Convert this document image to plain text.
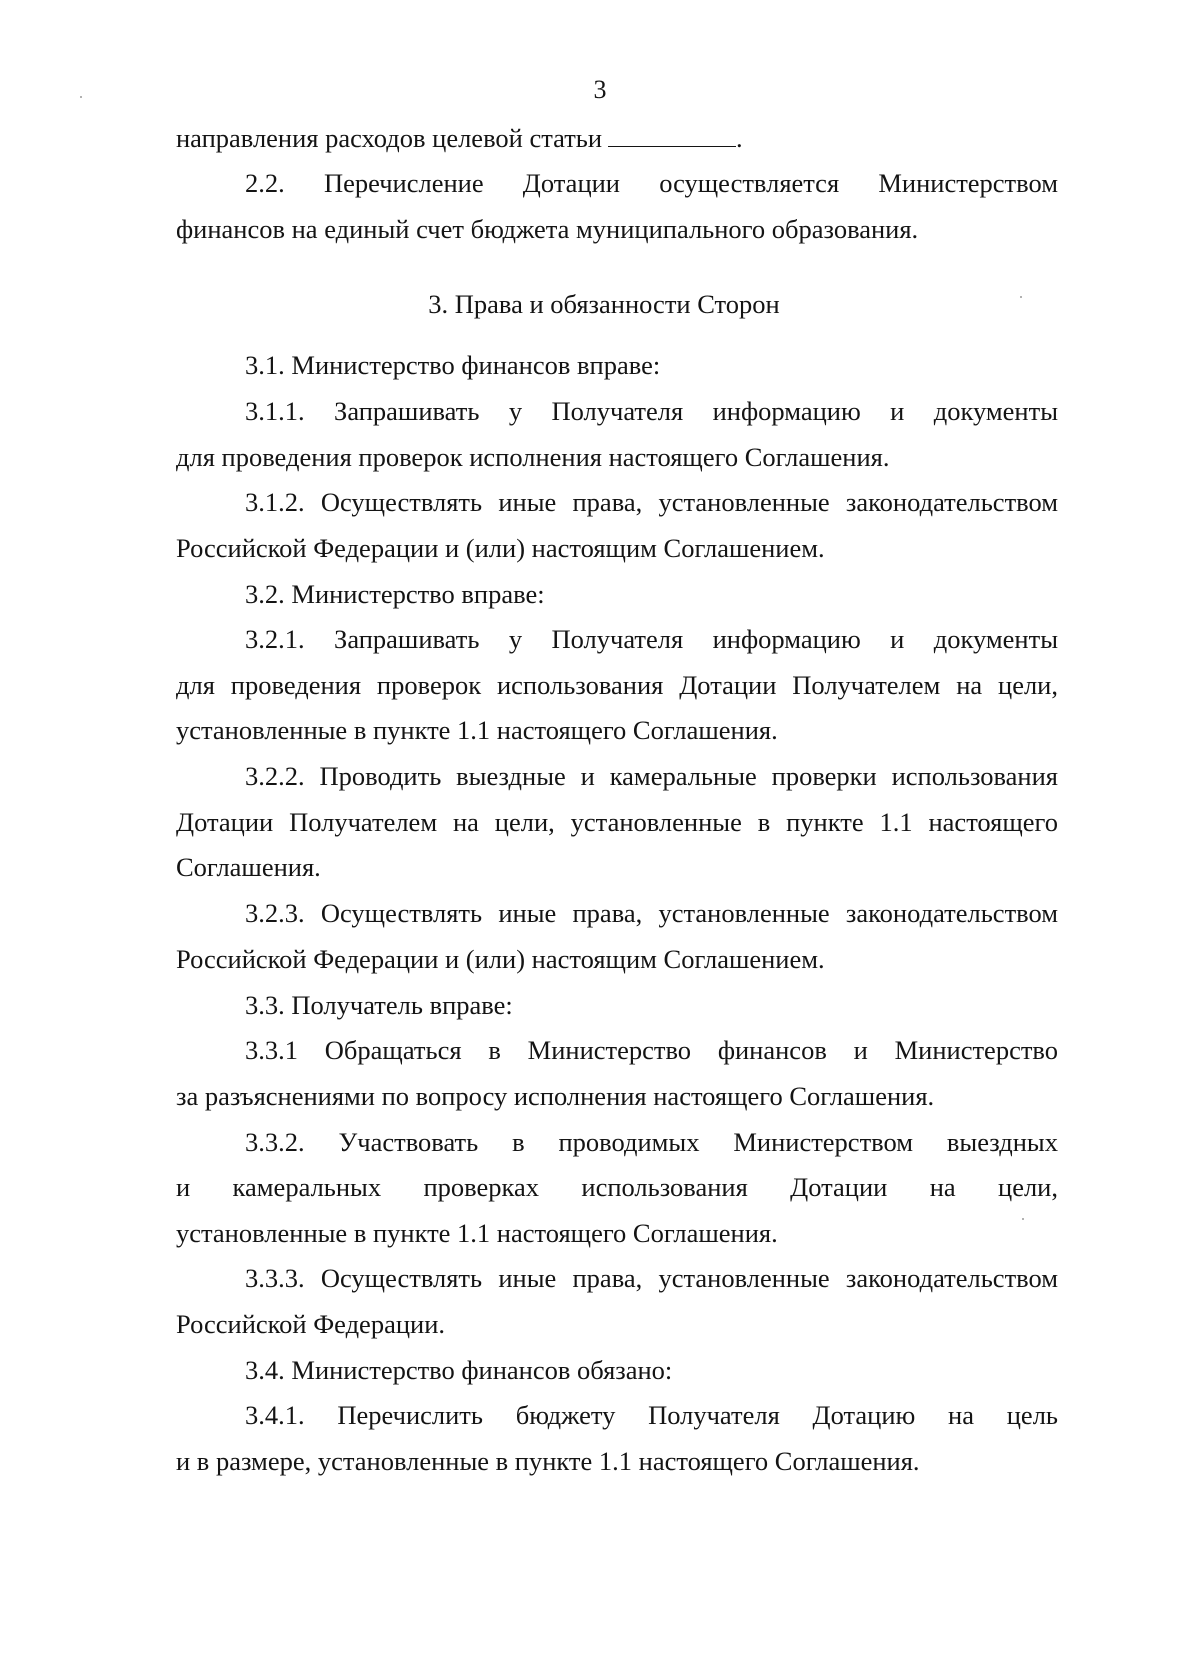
3
направления расходов целевой статьи	.
2.2. Перечисление Дотации осуществляется Министерством
финансов на единый счет бюджета муниципального образования.
3. Права и обязанности Сторон
3.1. Министерство финансов вправе:
3.1.1. Запрашивать у Получателя информацию и документы
для проведения проверок исполнения настоящего Соглашения.
3.1.2. Осуществлять иные права, установленные законодательством
Российской Федерации и (или) настоящим Соглашением.
3.2. Министерство вправе:
3.2.1. Запрашивать у Получателя информацию и документы
для проведения проверок использования Дотации Получателем на цели,
установленные в пункте 1.1 настоящего Соглашения.
3.2.2. Проводить выездные и камеральные проверки использования
Дотации Получателем на цели, установленные в пункте 1.1 настоящего
Соглашения.
3.2.3. Осуществлять иные права, установленные законодательством
Российской Федерации и (или) настоящим Соглашением.
3.3. Получатель вправе:
3.3.1 Обращаться в Министерство финансов и Министерство
за разъяснениями по вопросу исполнения настоящего Соглашения.
3.3.2. Участвовать в проводимых Министерством выездных
и камеральных проверках использования Дотации на цели,
установленные в пункте 1.1 настоящего Соглашения.
3.3.3. Осуществлять иные права, установленные законодательством
Российской Федерации.
3.4. Министерство финансов обязано:
3.4.1. Перечислить бюджету Получателя Дотацию на цель
и в размере, установленные в пункте 1.1 настоящего Соглашения.
